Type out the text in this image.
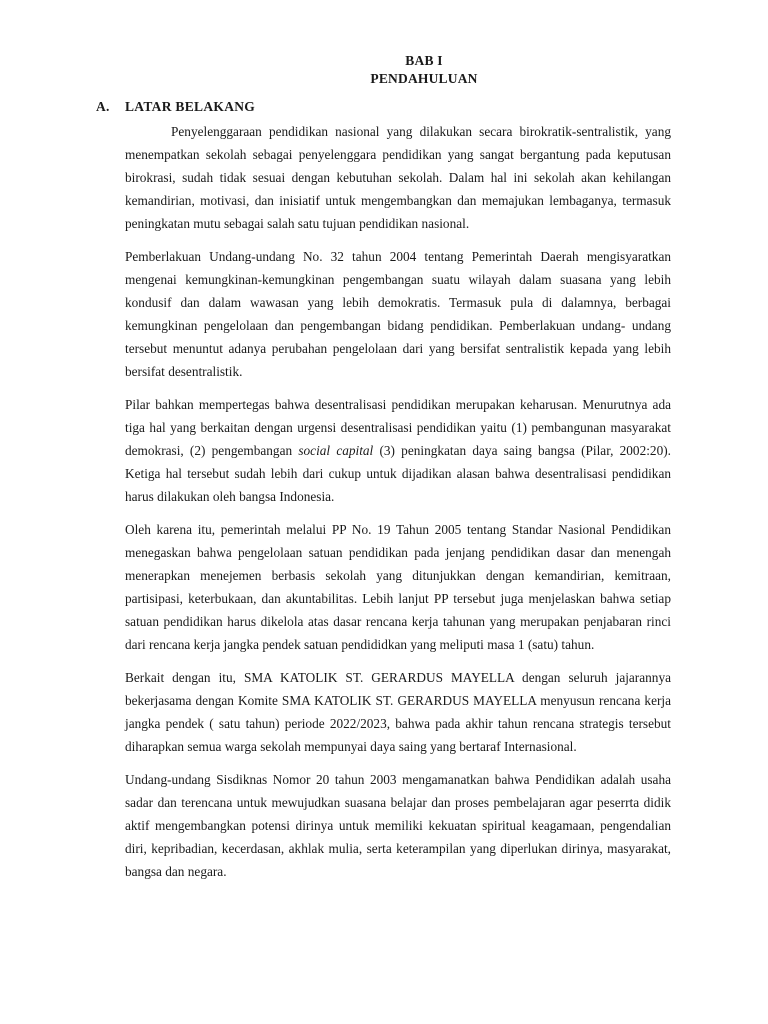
BAB I
PENDAHULUAN
A. LATAR BELAKANG

Penyelenggaraan pendidikan nasional yang dilakukan secara birokratik-sentralistik, yang menempatkan sekolah sebagai penyelenggara pendidikan yang sangat bergantung pada keputusan birokrasi, sudah tidak sesuai dengan kebutuhan sekolah. Dalam hal ini sekolah akan kehilangan kemandirian, motivasi, dan inisiatif untuk mengembangkan dan memajukan lembaganya, termasuk peningkatan mutu sebagai salah satu tujuan pendidikan nasional.

Pemberlakuan Undang-undang No. 32 tahun 2004 tentang Pemerintah Daerah mengisyaratkan mengenai kemungkinan-kemungkinan pengembangan suatu wilayah dalam suasana yang lebih kondusif dan dalam wawasan yang lebih demokratis. Termasuk pula di dalamnya, berbagai kemungkinan pengelolaan dan pengembangan bidang pendidikan. Pemberlakuan undang- undang tersebut menuntut adanya perubahan pengelolaan dari yang bersifat sentralistik kepada yang lebih bersifat desentralistik.

Pilar bahkan mempertegas bahwa desentralisasi pendidikan merupakan keharusan. Menurutnya ada tiga hal yang berkaitan dengan urgensi desentralisasi pendidikan yaitu (1) pembangunan masyarakat demokrasi, (2) pengembangan social capital (3) peningkatan daya saing bangsa (Pilar, 2002:20). Ketiga hal tersebut sudah lebih dari cukup untuk dijadikan alasan bahwa desentralisasi pendidikan harus dilakukan oleh bangsa Indonesia.

Oleh karena itu, pemerintah melalui PP No. 19 Tahun 2005 tentang Standar Nasional Pendidikan menegaskan bahwa pengelolaan satuan pendidikan pada jenjang pendidikan dasar dan menengah menerapkan menejemen berbasis sekolah yang ditunjukkan dengan kemandirian, kemitraan, partisipasi, keterbukaan, dan akuntabilitas. Lebih lanjut PP tersebut juga menjelaskan bahwa setiap satuan pendidikan harus dikelola atas dasar rencana kerja tahunan yang merupakan penjabaran rinci dari rencana kerja jangka pendek satuan pendididkan yang meliputi masa 1 (satu) tahun.

Berkait dengan itu, SMA KATOLIK ST. GERARDUS MAYELLA dengan seluruh jajarannya bekerjasama dengan Komite SMA KATOLIK ST. GERARDUS MAYELLA menyusun rencana kerja jangka pendek ( satu tahun) periode 2022/2023, bahwa pada akhir tahun rencana strategis tersebut diharapkan semua warga sekolah mempunyai daya saing yang bertaraf Internasional.

Undang-undang Sisdiknas Nomor 20 tahun 2003 mengamanatkan bahwa Pendidikan adalah usaha sadar dan terencana untuk mewujudkan suasana belajar dan proses pembelajaran agar peserrta didik aktif mengembangkan potensi dirinya untuk memiliki kekuatan spiritual keagamaan, pengendalian diri, kepribadian, kecerdasan, akhlak mulia, serta keterampilan yang diperlukan dirinya, masyarakat, bangsa dan negara.
